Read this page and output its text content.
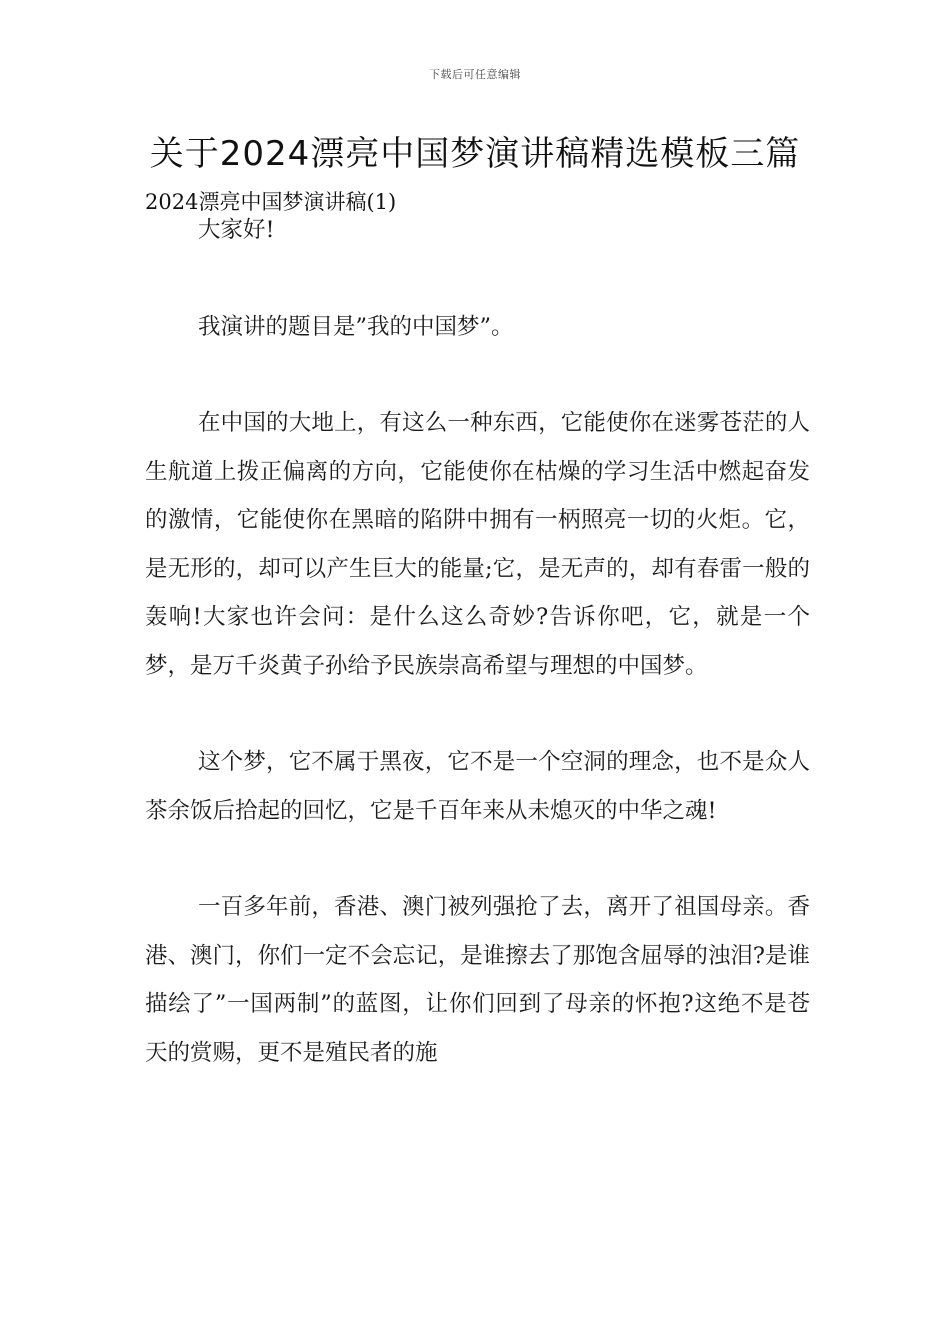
下载后可任意编辑
关于2024漂亮中国梦演讲稿精选模板三篇
2024漂亮中国梦演讲稿(1)

大家好!

我演讲的题目是”我的中国梦”。

在中国的大地上，有这么一种东西，它能使你在迷雾苍茫的人生航道上拨正偏离的方向，它能使你在枯燥的学习生活中燃起奋发的激情，它能使你在黑暗的陷阱中拥有一柄照亮一切的火炬。它，是无形的，却可以产生巨大的能量;它，是无声的，却有春雷一般的轰响!大家也许会问：是什么这么奇妙?告诉你吧，它，就是一个梦，是万千炎黄子孙给予民族崇高希望与理想的中国梦。

这个梦，它不属于黑夜，它不是一个空洞的理念，也不是众人茶余饭后拾起的回忆，它是千百年来从未熄灭的中华之魂!

一百多年前，香港、澳门被列强抢了去，离开了祖国母亲。香港、澳门，你们一定不会忘记，是谁擦去了那饱含屈辱的浊泪?是谁描绘了”一国两制”的蓝图，让你们回到了母亲的怀抱?这绝不是苍天的赏赐，更不是殖民者的施
